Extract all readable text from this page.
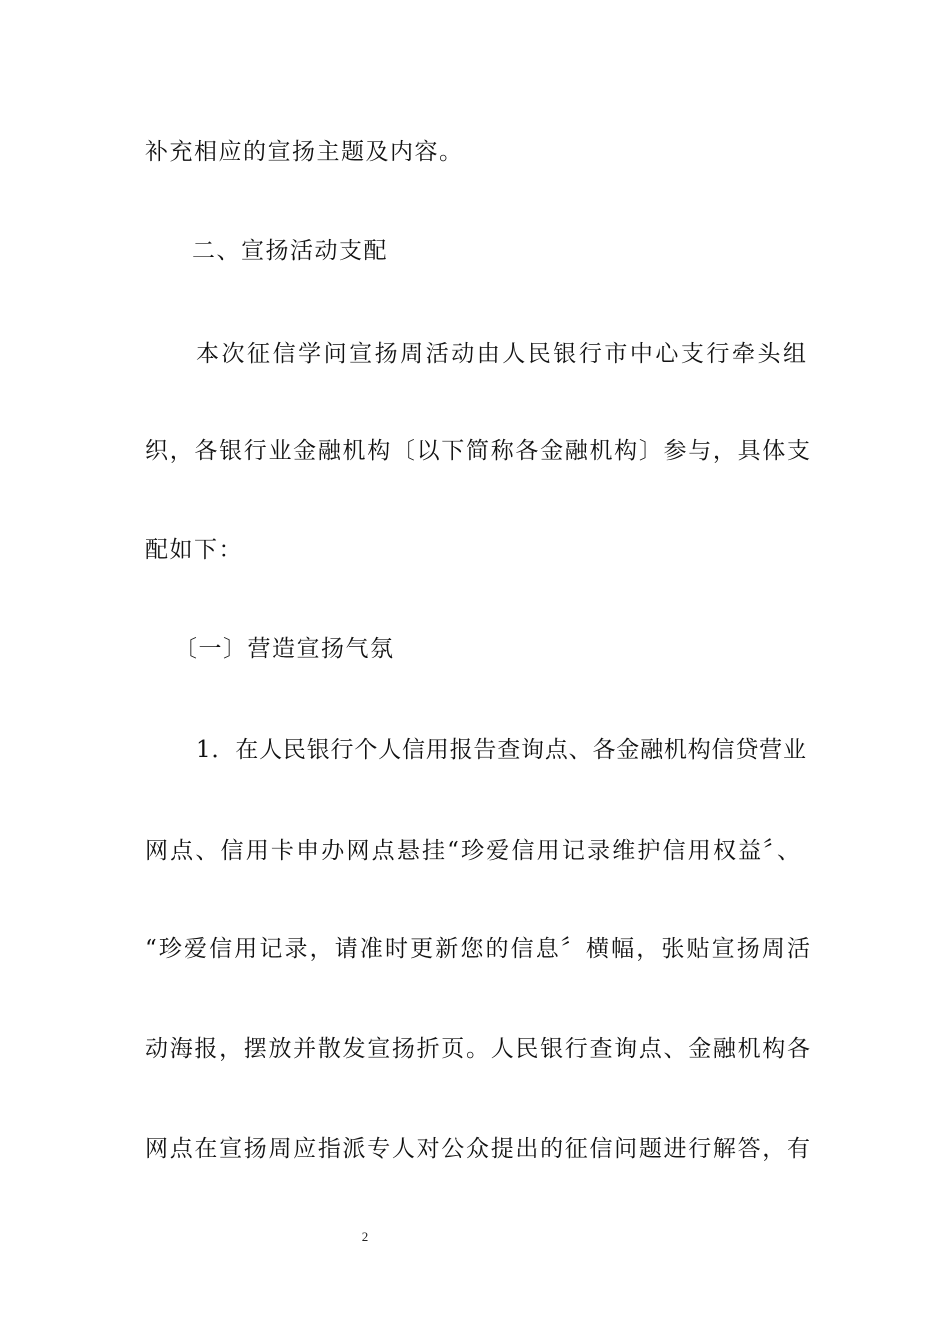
补充相应的宣扬主题及内容。
二、宣扬活动支配
本次征信学问宣扬周活动由人民银行市中心支行牵头组
织，各银行业金融机构〔以下简称各金融机构〕参与，具体支
配如下：
〔一〕营造宣扬气氛
1．在人民银行个人信用报告查询点、各金融机构信贷营业
网点、信用卡申办网点悬挂“珍爱信用记录维护信用权益〞、
“珍爱信用记录，请准时更新您的信息〞横幅，张贴宣扬周活
动海报，摆放并散发宣扬折页。人民银行查询点、金融机构各
网点在宣扬周应指派专人对公众提出的征信问题进行解答，有
2
